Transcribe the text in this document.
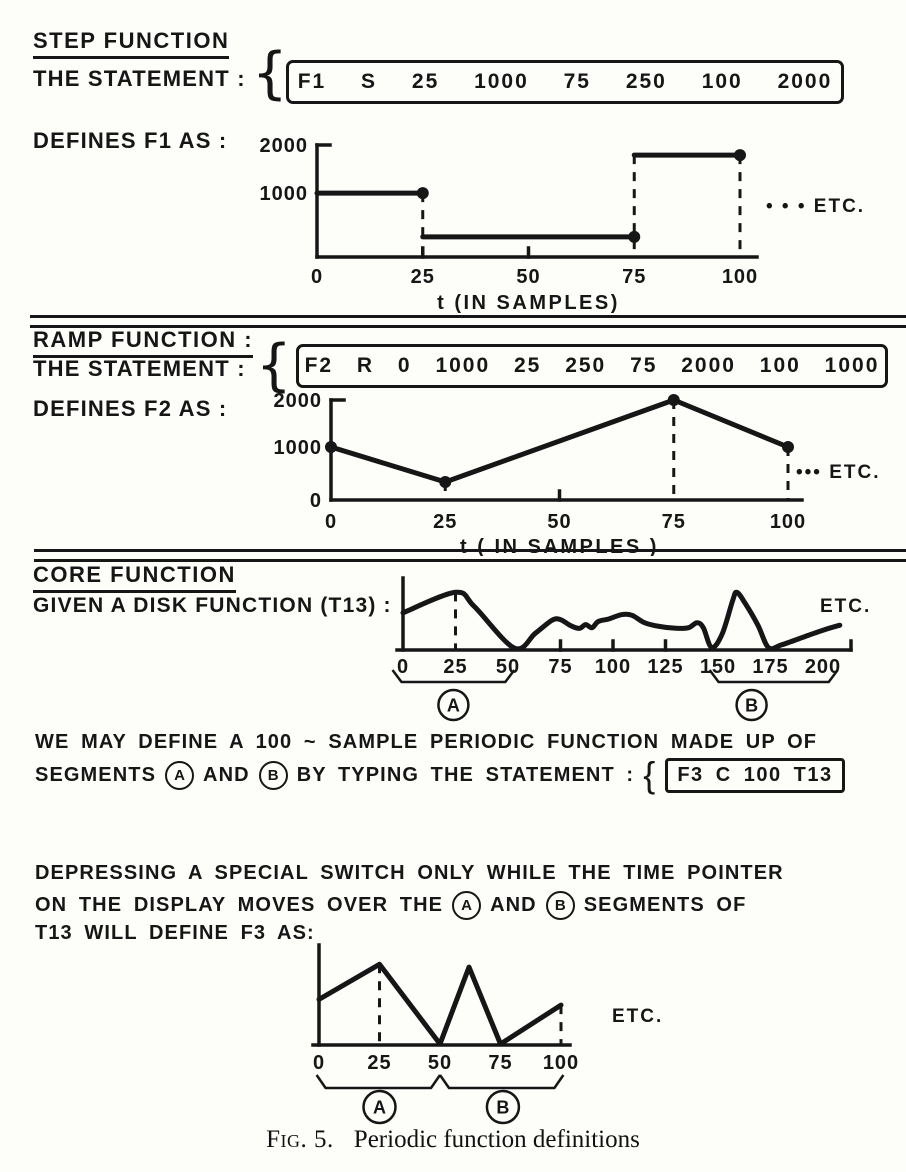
STEP FUNCTION
THE STATEMENT : { F1 S 25 1000 75 250 100 2000
DEFINES F1 AS :
0	25	50	75	100
2000
1000
• • • ETC.
t (IN SAMPLES)
RAMP FUNCTION :
THE STATEMENT : { F2 R 0 1000 25 250 75 2000 100 1000
DEFINES F2 AS :
0	25	50	75	100
2000
1000
0
••• ETC.
t ( IN SAMPLES )
CORE FUNCTION
GIVEN A DISK FUNCTION (T13) :
0 25 50 75 100 125 150 175 200
A	B
ETC.
WE MAY DEFINE A 100 ~ SAMPLE PERIODIC FUNCTION MADE UP OF
SEGMENTS	A AND	B BY TYPING THE STATEMENT : {	F3 C 100 T13
DEPRESSING A SPECIAL SWITCH ONLY WHILE THE TIME POINTER
ON THE DISPLAY MOVES OVER THE	A AND	B SEGMENTS OF
T13 WILL DEFINE F3 AS:
0 25 50 75 100
A	B
ETC.
Fig. 5. Periodic function definitions
